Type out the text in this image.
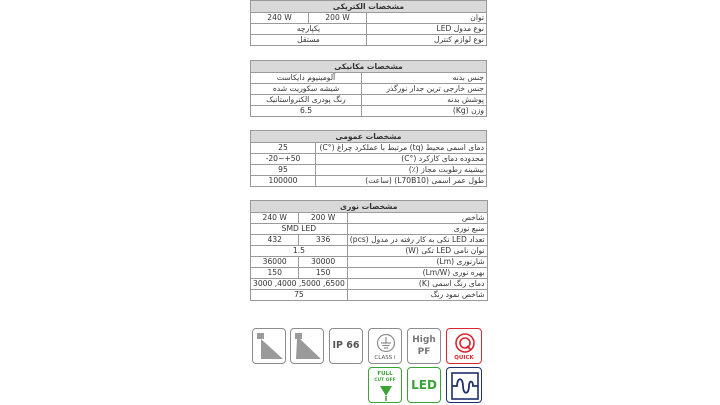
مشخصات الکتریکی		
240 W	200 W	توان
یکپارچه		نوع مدول LED
مستقل		نوع لوازم کنترل
مشخصات مکانیکی	
آلومینیوم دایکاست	جنس بدنه
شیشه سکوریت شده	جنس خارجی ترین جدار نورگذر
رنگ پودری الکترواستاتیک	پوشش بدنه
6.5	وزن (Kg)
مشخصات عمومی	
25	دمای اسمی محیط (tq) مرتبط با عملکرد چراغ (°C)
-20~+50	محدوده دمای کارکرد (°C)
95	بیشینه رطوبت مجاز (٪)
100000	طول عمر اسمی (L70B10) (ساعت)
مشخصات نوری		
240 W	200 W	شاخص
SMD LED		منبع نوری
432	336	تعداد LED تکی به کار رفته در مدول (pcs)
1.5		توان نامی LED تکی (W)
36000	30000	شارنوری (Lm)
150	150	بهره نوری (Lm/W)
3000 ,4000 ,5000 ,6500		دمای رنگ اسمی (K)
75		شاخص نمود رنگ
IP 66
CLASS I
High
PF
QUICK
FULL
CUT OFF	LED
